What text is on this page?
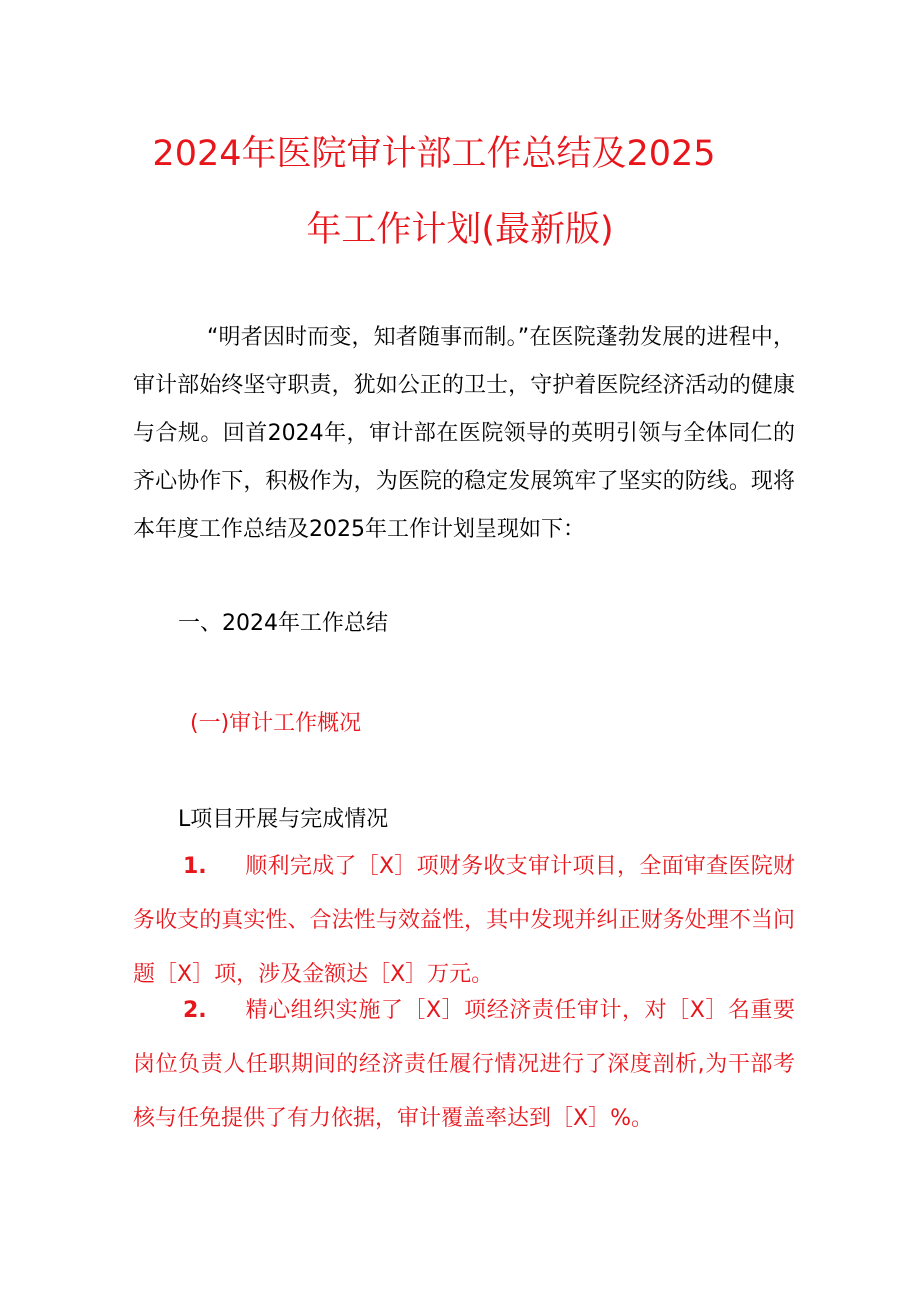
2024年医院审计部工作总结及2025
年工作计划(最新版)

“明者因时而变，知者随事而制。”在医院蓬勃发展的进程中，审计部始终坚守职责，犹如公正的卫士，守护着医院经济活动的健康与合规。回首2024年，审计部在医院领导的英明引领与全体同仁的齐心协作下，积极作为，为医院的稳定发展筑牢了坚实的防线。现将本年度工作总结及2025年工作计划呈现如下：

一、2024年工作总结
(一)审计工作概况
L项目开展与完成情况

1. 顺利完成了［X］项财务收支审计项目，全面审查医院财务收支的真实性、合法性与效益性，其中发现并纠正财务处理不当问题［X］项，涉及金额达［X］万元。

2. 精心组织实施了［X］项经济责任审计，对［X］名重要岗位负责人任职期间的经济责任履行情况进行了深度剖析,为干部考核与任免提供了有力依据，审计覆盖率达到［X］%。
